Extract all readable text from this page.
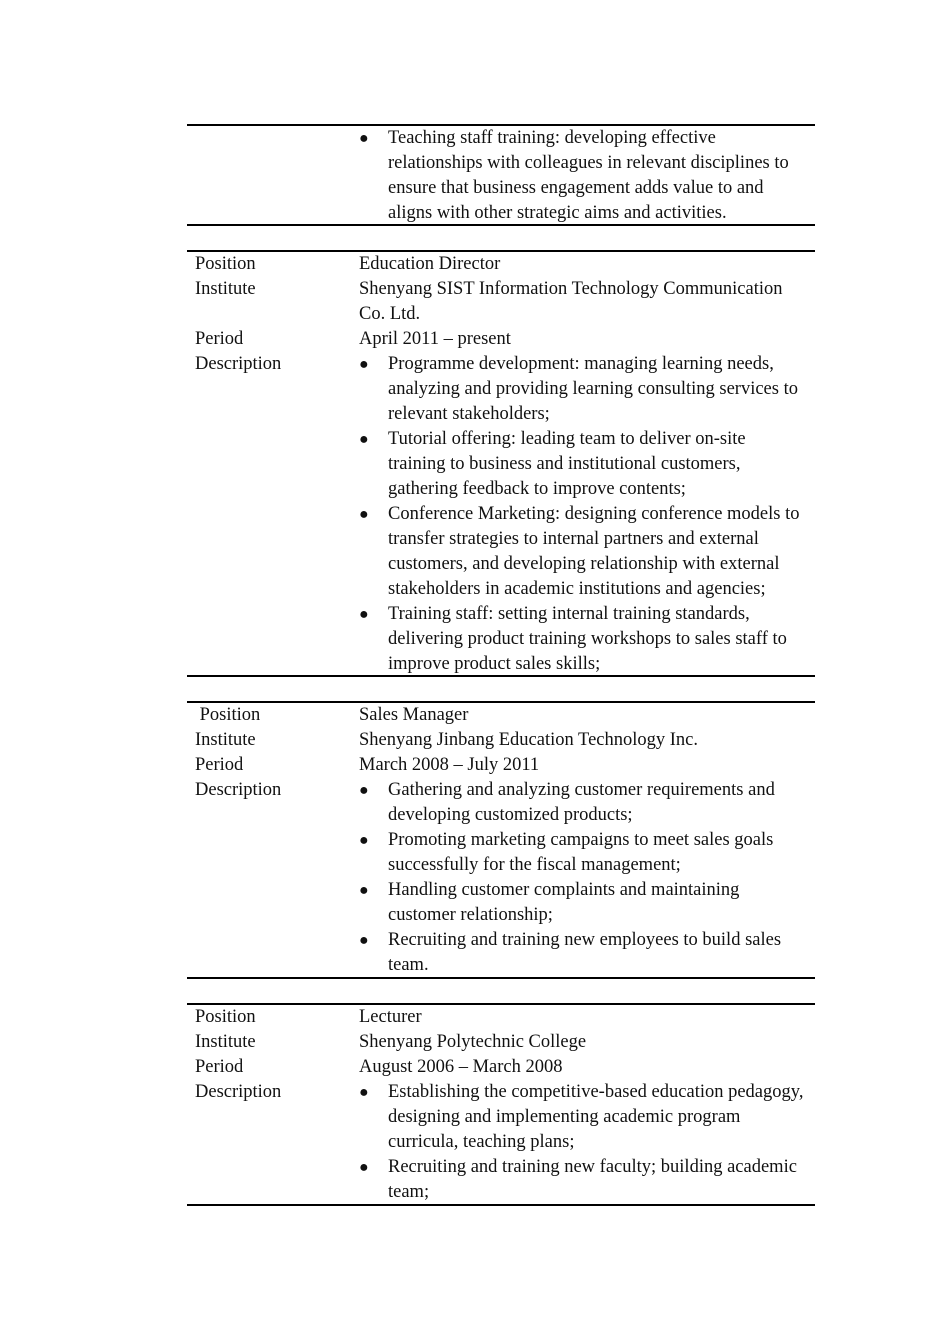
● Teaching staff training: developing effective relationships with colleagues in relevant disciplines to ensure that business engagement adds value to and aligns with other strategic aims and activities.
Position	Education Director
Institute	Shenyang SIST Information Technology Communication Co. Ltd.
Period	April 2011 – present
Description	● Programme development: managing learning needs, analyzing and providing learning consulting services to relevant stakeholders;
● Tutorial offering: leading team to deliver on-site training to business and institutional customers, gathering feedback to improve contents;
● Conference Marketing: designing conference models to transfer strategies to internal partners and external customers, and developing relationship with external stakeholders in academic institutions and agencies;
● Training staff: setting internal training standards, delivering product training workshops to sales staff to improve product sales skills;
Position	Sales Manager
Institute	Shenyang Jinbang Education Technology Inc.
Period	March 2008 – July 2011
Description	● Gathering and analyzing customer requirements and developing customized products;
● Promoting marketing campaigns to meet sales goals successfully for the fiscal management;
● Handling customer complaints and maintaining customer relationship;
● Recruiting and training new employees to build sales team.
Position	Lecturer
Institute	Shenyang Polytechnic College
Period	August 2006 – March 2008
Description	● Establishing the competitive-based education pedagogy, designing and implementing academic program curricula, teaching plans;
● Recruiting and training new faculty; building academic team;
